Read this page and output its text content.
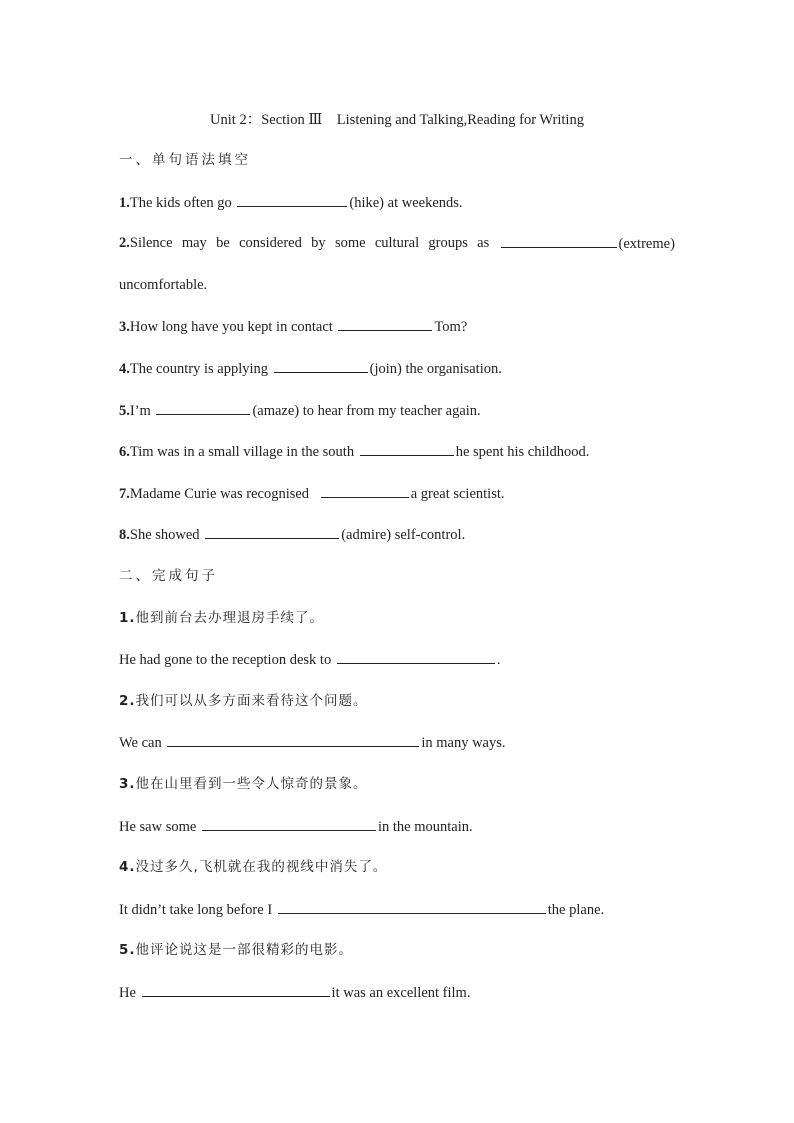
Unit 2：Section Ⅲ　Listening and Talking,Reading for Writing
一、单句语法填空
1.The kids often go	(hike) at weekends.
2.Silence may be considered by some cultural groups as	(extreme)
uncomfortable.
3.How long have you kept in contact	Tom?
4.The country is applying	(join) the organisation.
5.I’m	(amaze) to hear from my teacher again.
6.Tim was in a small village in the south	he spent his childhood.
7.Madame Curie was recognised	a great scientist.
8.She showed	(admire) self-control.
二、完成句子
1.他到前台去办理退房手续了。
He had gone to the reception desk to	.
2.我们可以从多方面来看待这个问题。
We can	in many ways.
3.他在山里看到一些令人惊奇的景象。
He saw some	in the mountain.
4.没过多久,飞机就在我的视线中消失了。
It didn’t take long before I	the plane.
5.他评论说这是一部很精彩的电影。
He	it was an excellent film.
